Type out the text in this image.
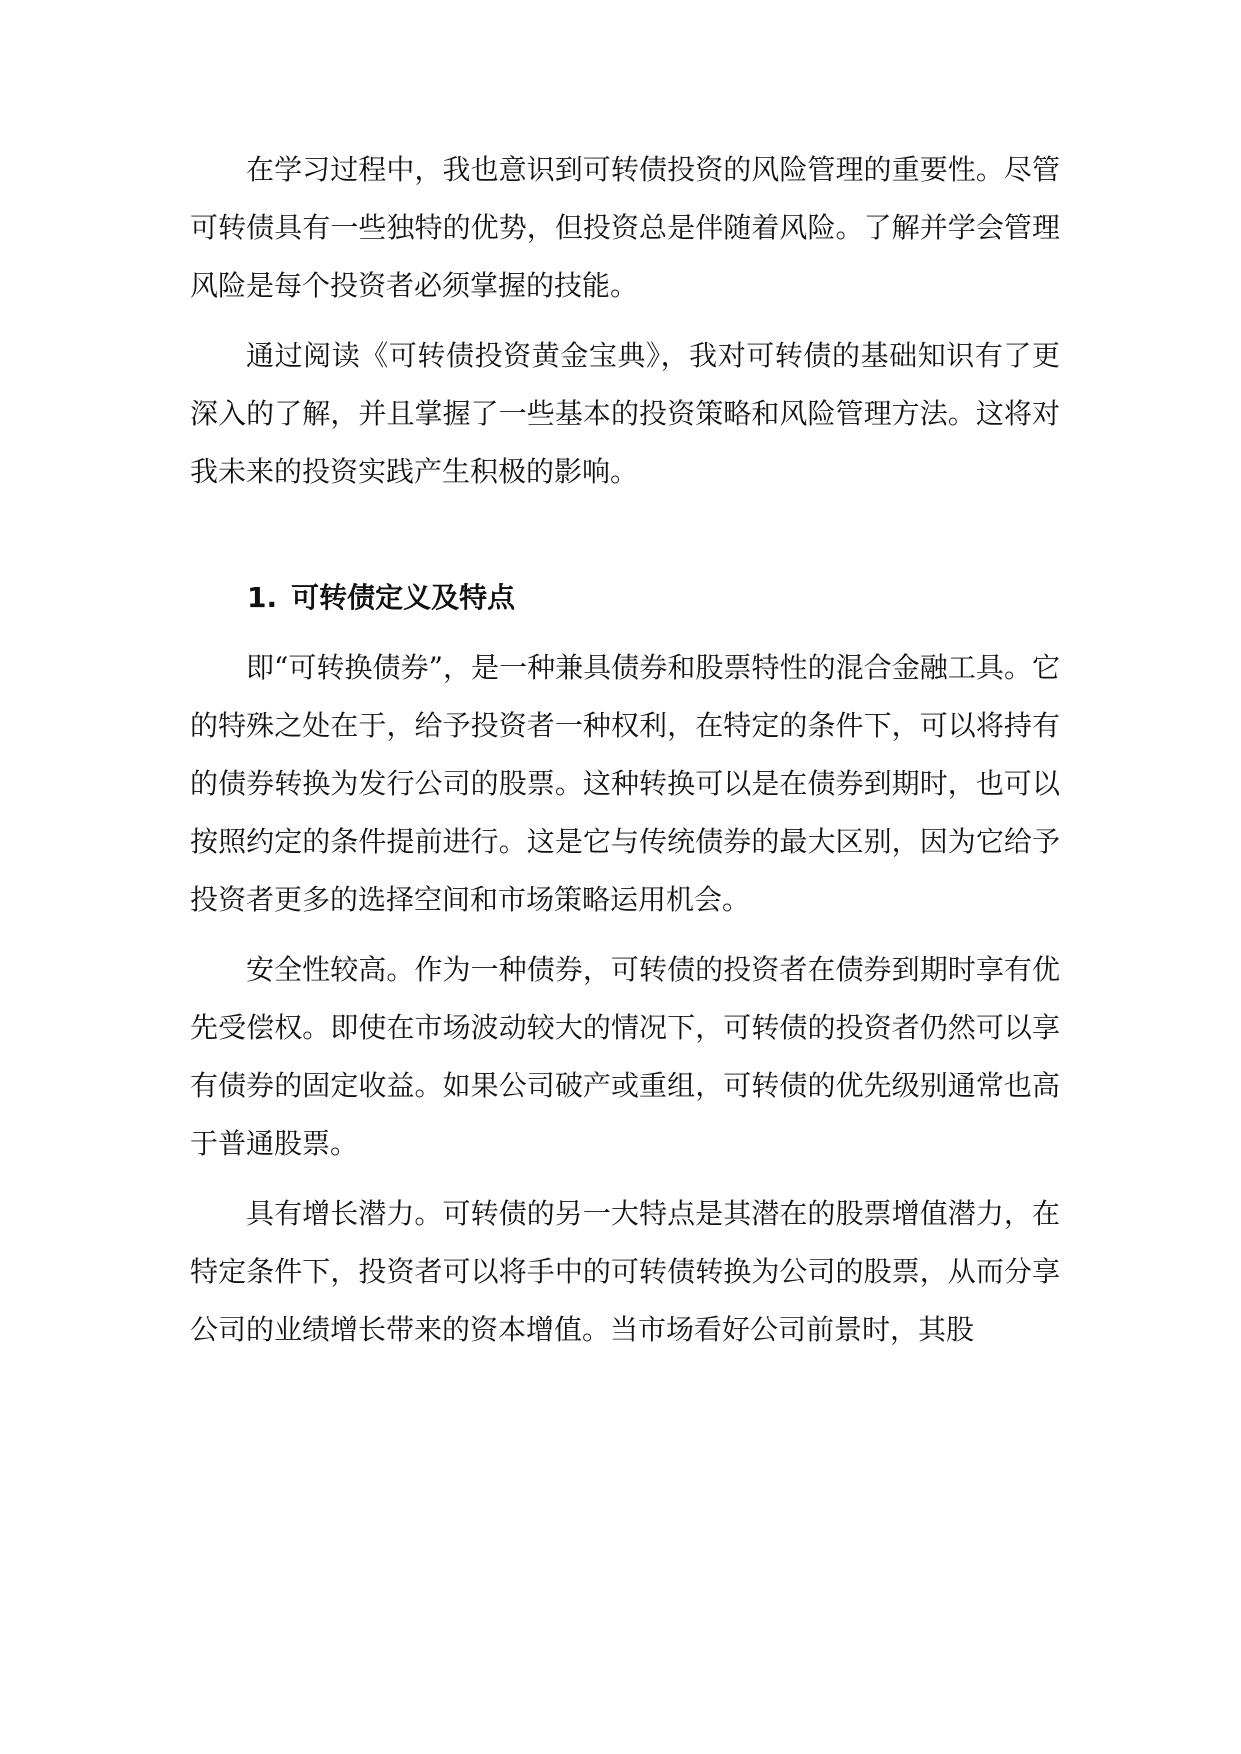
在学习过程中，我也意识到可转债投资的风险管理的重要性。尽管可转债具有一些独特的优势，但投资总是伴随着风险。了解并学会管理风险是每个投资者必须掌握的技能。

通过阅读《可转债投资黄金宝典》，我对可转债的基础知识有了更深入的了解，并且掌握了一些基本的投资策略和风险管理方法。这将对我未来的投资实践产生积极的影响。

1. 可转债定义及特点

即“可转换债券”，是一种兼具债券和股票特性的混合金融工具。它的特殊之处在于，给予投资者一种权利，在特定的条件下，可以将持有的债券转换为发行公司的股票。这种转换可以是在债券到期时，也可以按照约定的条件提前进行。这是它与传统债券的最大区别，因为它给予投资者更多的选择空间和市场策略运用机会。

安全性较高。作为一种债券，可转债的投资者在债券到期时享有优先受偿权。即使在市场波动较大的情况下，可转债的投资者仍然可以享有债券的固定收益。如果公司破产或重组，可转债的优先级别通常也高于普通股票。

具有增长潜力。可转债的另一大特点是其潜在的股票增值潜力，在特定条件下，投资者可以将手中的可转债转换为公司的股票，从而分享公司的业绩增长带来的资本增值。当市场看好公司前景时，其股
